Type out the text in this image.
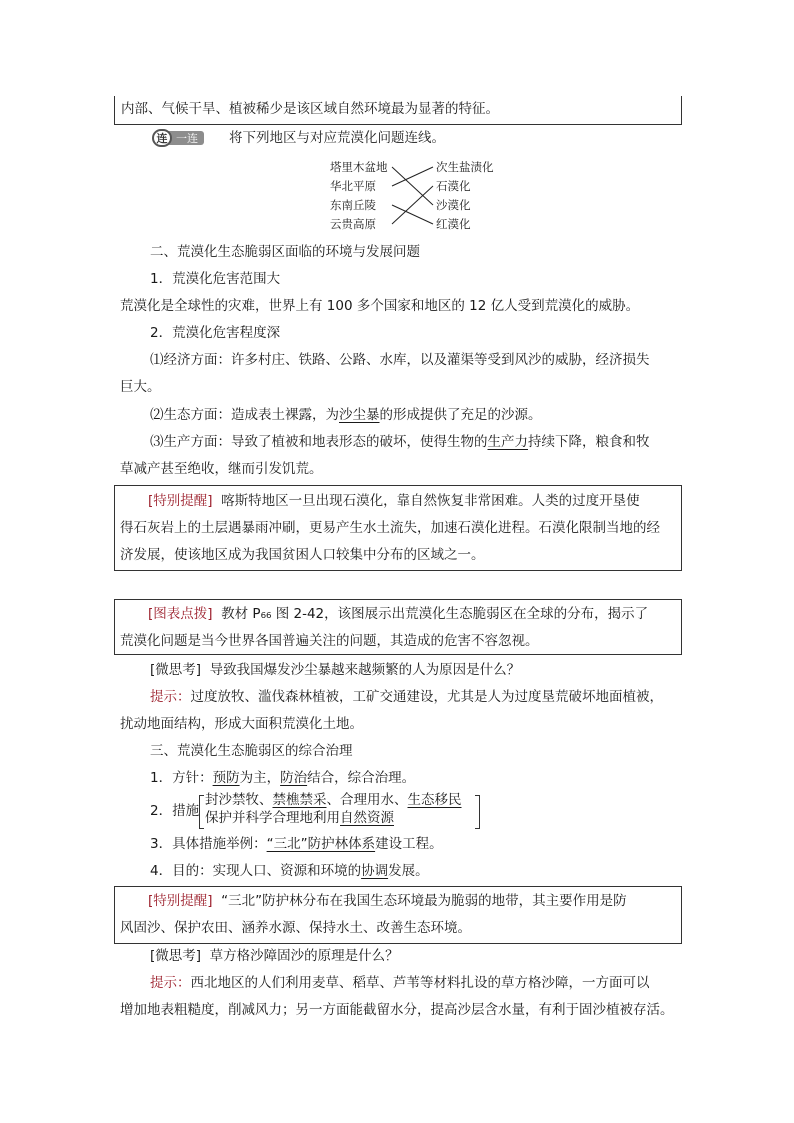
内部、气候干旱、植被稀少是该区域自然环境最为显著的特征。
连 一连	将下列地区与对应荒漠化问题连线。
塔里木盆地
华北平原
东南丘陵
云贵高原
次生盐渍化
石漠化
沙漠化
红漠化
二、荒漠化生态脆弱区面临的环境与发展问题
1．荒漠化危害范围大
荒漠化是全球性的灾难，世界上有 100 多个国家和地区的 12 亿人受到荒漠化的威胁。
2．荒漠化危害程度深
⑴经济方面：许多村庄、铁路、公路、水库，以及灌渠等受到风沙的威胁，经济损失
巨大。
⑵生态方面：造成表土裸露，为沙尘暴的形成提供了充足的沙源。
⑶生产方面：导致了植被和地表形态的破坏，使得生物的生产力持续下降，粮食和牧
草减产甚至绝收，继而引发饥荒。
[特别提醒] 喀斯特地区一旦出现石漠化，靠自然恢复非常困难。人类的过度开垦使
得石灰岩上的土层遇暴雨冲刷，更易产生水土流失，加速石漠化进程。石漠化限制当地的经
济发展，使该地区成为我国贫困人口较集中分布的区域之一。
[图表点拨] 教材 P₆₆ 图 2-42，该图展示出荒漠化生态脆弱区在全球的分布，揭示了
荒漠化问题是当今世界各国普遍关注的问题，其造成的危害不容忽视。
[微思考] 导致我国爆发沙尘暴越来越频繁的人为原因是什么？
提示：过度放牧、滥伐森林植被，工矿交通建设，尤其是人为过度垦荒破坏地面植被，
扰动地面结构，形成大面积荒漠化土地。
三、荒漠化生态脆弱区的综合治理
1．方针：预防为主，防治结合，综合治理。
2．措施
封沙禁牧、禁樵禁采、合理用水、生态移民
保护并科学合理地利用自然资源
3．具体措施举例：“三北”防护林体系建设工程。
4．目的：实现人口、资源和环境的协调发展。
[特别提醒] “三北”防护林分布在我国生态环境最为脆弱的地带，其主要作用是防
风固沙、保护农田、涵养水源、保持水土、改善生态环境。
[微思考] 草方格沙障固沙的原理是什么？
提示：西北地区的人们利用麦草、稻草、芦苇等材料扎设的草方格沙障，一方面可以
增加地表粗糙度，削减风力；另一方面能截留水分，提高沙层含水量，有利于固沙植被存活。
